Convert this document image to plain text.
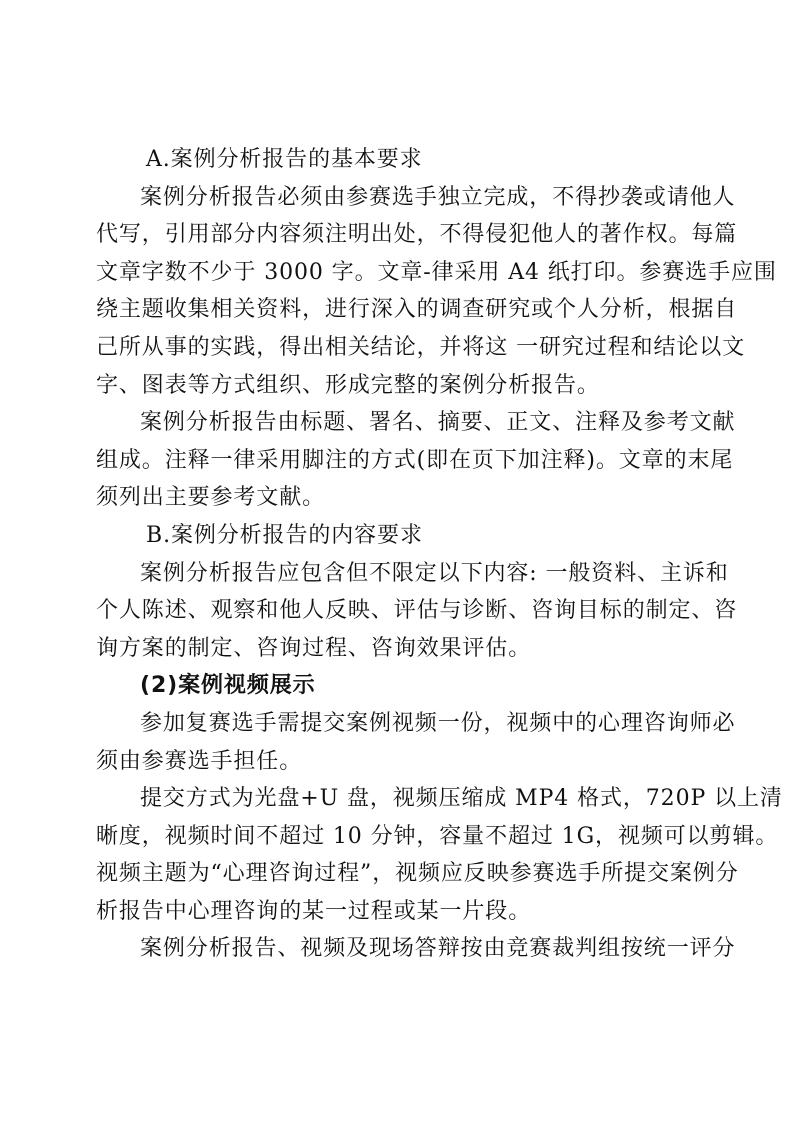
A.案例分析报告的基本要求
案例分析报告必须由参赛选手独立完成，不得抄袭或请他人
代写，引用部分内容须注明出处，不得侵犯他人的著作权。每篇
文章字数不少于 3000 字。文章-律采用 A4 纸打印。参赛选手应围
绕主题收集相关资料，进行深入的调查研究或个人分析，根据自
己所从事的实践，得出相关结论，并将这 一研究过程和结论以文
字、图表等方式组织、形成完整的案例分析报告。
案例分析报告由标题、署名、摘要、正文、注释及参考文献
组成。注释一律采用脚注的方式(即在页下加注释)。文章的末尾
须列出主要参考文献。
B.案例分析报告的内容要求
案例分析报告应包含但不限定以下内容: 一般资料、主诉和
个人陈述、观察和他人反映、评估与诊断、咨询目标的制定、咨
询方案的制定、咨询过程、咨询效果评估。
(2)案例视频展示
参加复赛选手需提交案例视频一份，视频中的心理咨询师必
须由参赛选手担任。
提交方式为光盘+U 盘，视频压缩成 MP4 格式，720P 以上清
晰度，视频时间不超过 10 分钟，容量不超过 1G，视频可以剪辑。
视频主题为“心理咨询过程”，视频应反映参赛选手所提交案例分
析报告中心理咨询的某一过程或某一片段。
案例分析报告、视频及现场答辩按由竞赛裁判组按统一评分
